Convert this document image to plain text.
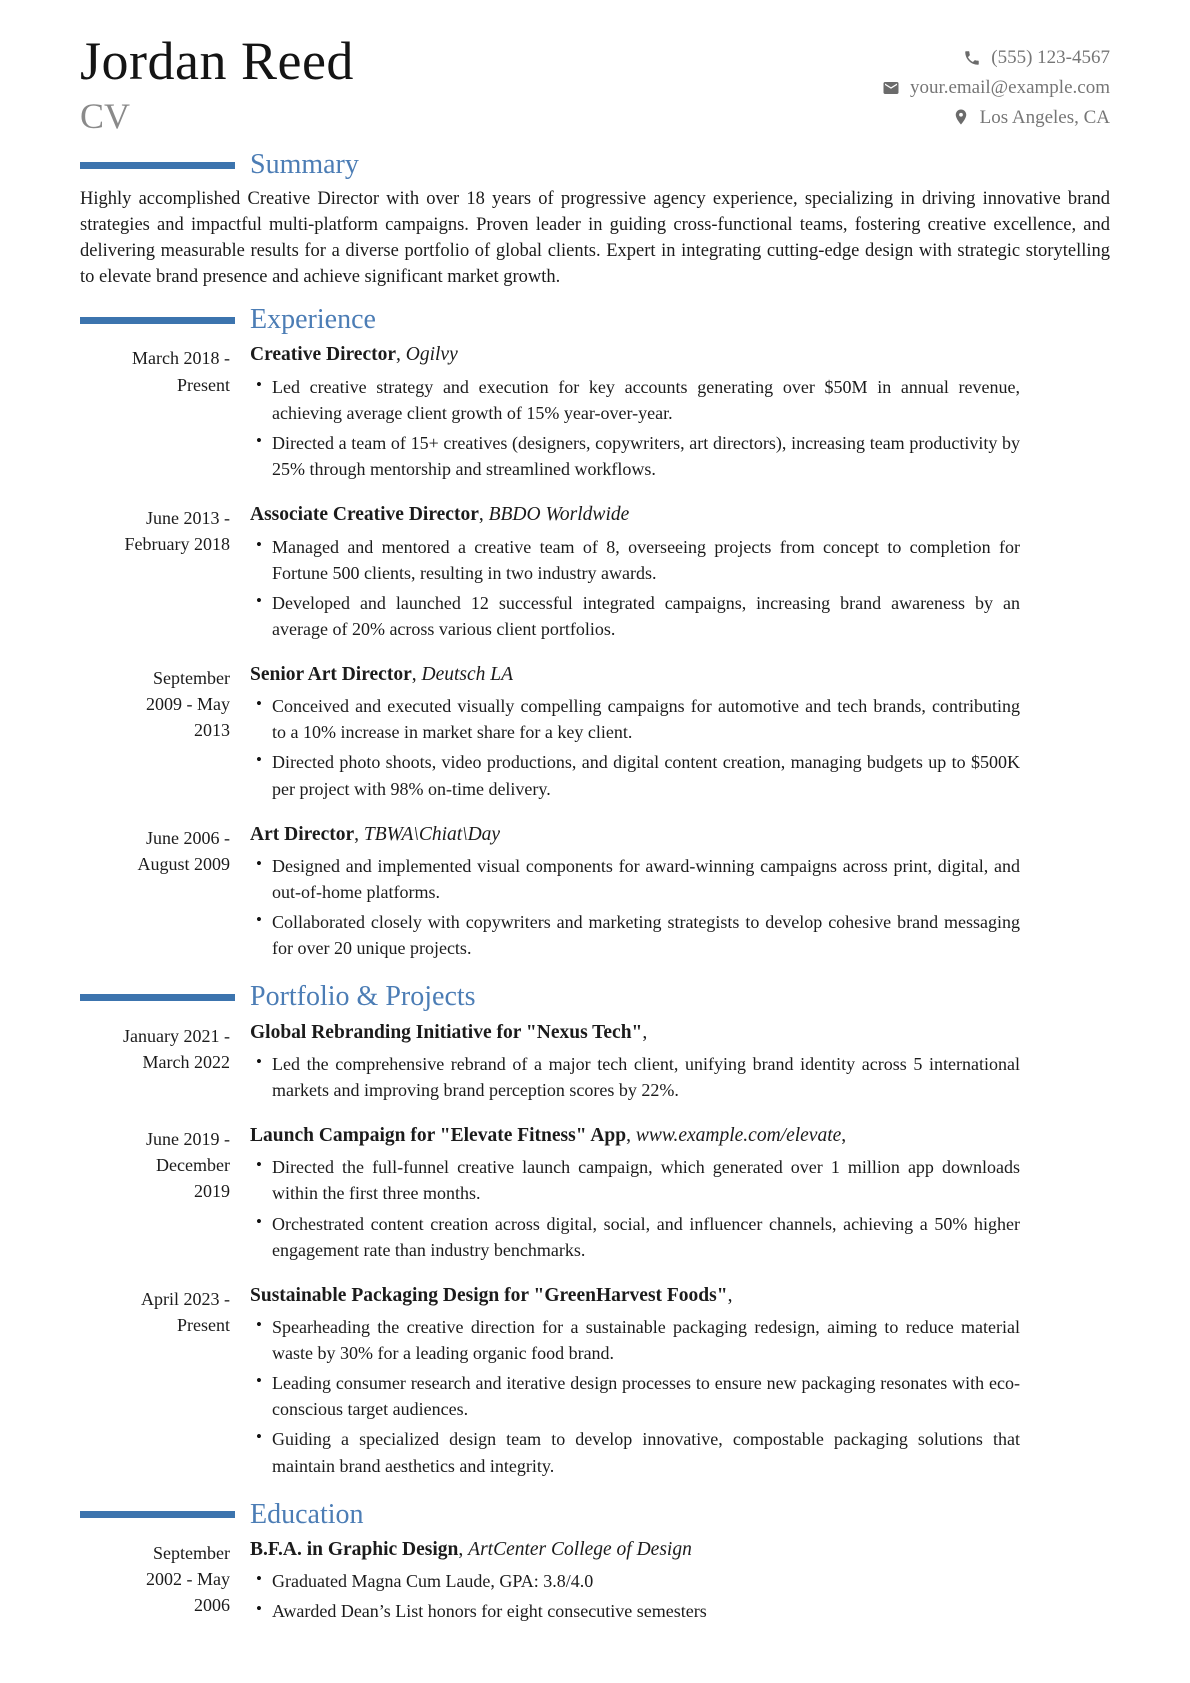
Jordan Reed
CV
(555) 123-4567
your.email@example.com
Los Angeles, CA
Summary

Highly accomplished Creative Director with over 18 years of progressive agency experience, specializing in driving innovative brand strategies and impactful multi-platform campaigns. Proven leader in guiding cross-functional teams, fostering creative excellence, and delivering measurable results for a diverse portfolio of global clients. Expert in integrating cutting-edge design with strategic storytelling to elevate brand presence and achieve significant market growth.

Experience
March 2018 - Present
Creative Director, Ogilvy
• Led creative strategy and execution for key accounts generating over $50M in annual revenue, achieving average client growth of 15% year-over-year.
• Directed a team of 15+ creatives (designers, copywriters, art directors), increasing team productivity by 25% through mentorship and streamlined workflows.
June 2013 - February 2018
Associate Creative Director, BBDO Worldwide
• Managed and mentored a creative team of 8, overseeing projects from concept to completion for Fortune 500 clients, resulting in two industry awards.
• Developed and launched 12 successful integrated campaigns, increasing brand awareness by an average of 20% across various client portfolios.
September 2009 - May 2013
Senior Art Director, Deutsch LA
• Conceived and executed visually compelling campaigns for automotive and tech brands, contributing to a 10% increase in market share for a key client.
• Directed photo shoots, video productions, and digital content creation, managing budgets up to $500K per project with 98% on-time delivery.
June 2006 - August 2009
Art Director, TBWA\Chiat\Day
• Designed and implemented visual components for award-winning campaigns across print, digital, and out-of-home platforms.
• Collaborated closely with copywriters and marketing strategists to develop cohesive brand messaging for over 20 unique projects.
Portfolio & Projects
January 2021 - March 2022
Global Rebranding Initiative for "Nexus Tech",
• Led the comprehensive rebrand of a major tech client, unifying brand identity across 5 international markets and improving brand perception scores by 22%.
June 2019 - December 2019
Launch Campaign for "Elevate Fitness" App, www.example.com/elevate,
• Directed the full-funnel creative launch campaign, which generated over 1 million app downloads within the first three months.
• Orchestrated content creation across digital, social, and influencer channels, achieving a 50% higher engagement rate than industry benchmarks.
April 2023 - Present
Sustainable Packaging Design for "GreenHarvest Foods",
• Spearheading the creative direction for a sustainable packaging redesign, aiming to reduce material waste by 30% for a leading organic food brand.
• Leading consumer research and iterative design processes to ensure new packaging resonates with eco-conscious target audiences.
• Guiding a specialized design team to develop innovative, compostable packaging solutions that maintain brand aesthetics and integrity.
Education
September 2002 - May 2006
B.F.A. in Graphic Design, ArtCenter College of Design
• Graduated Magna Cum Laude, GPA: 3.8/4.0
• Awarded Dean’s List honors for eight consecutive semesters
